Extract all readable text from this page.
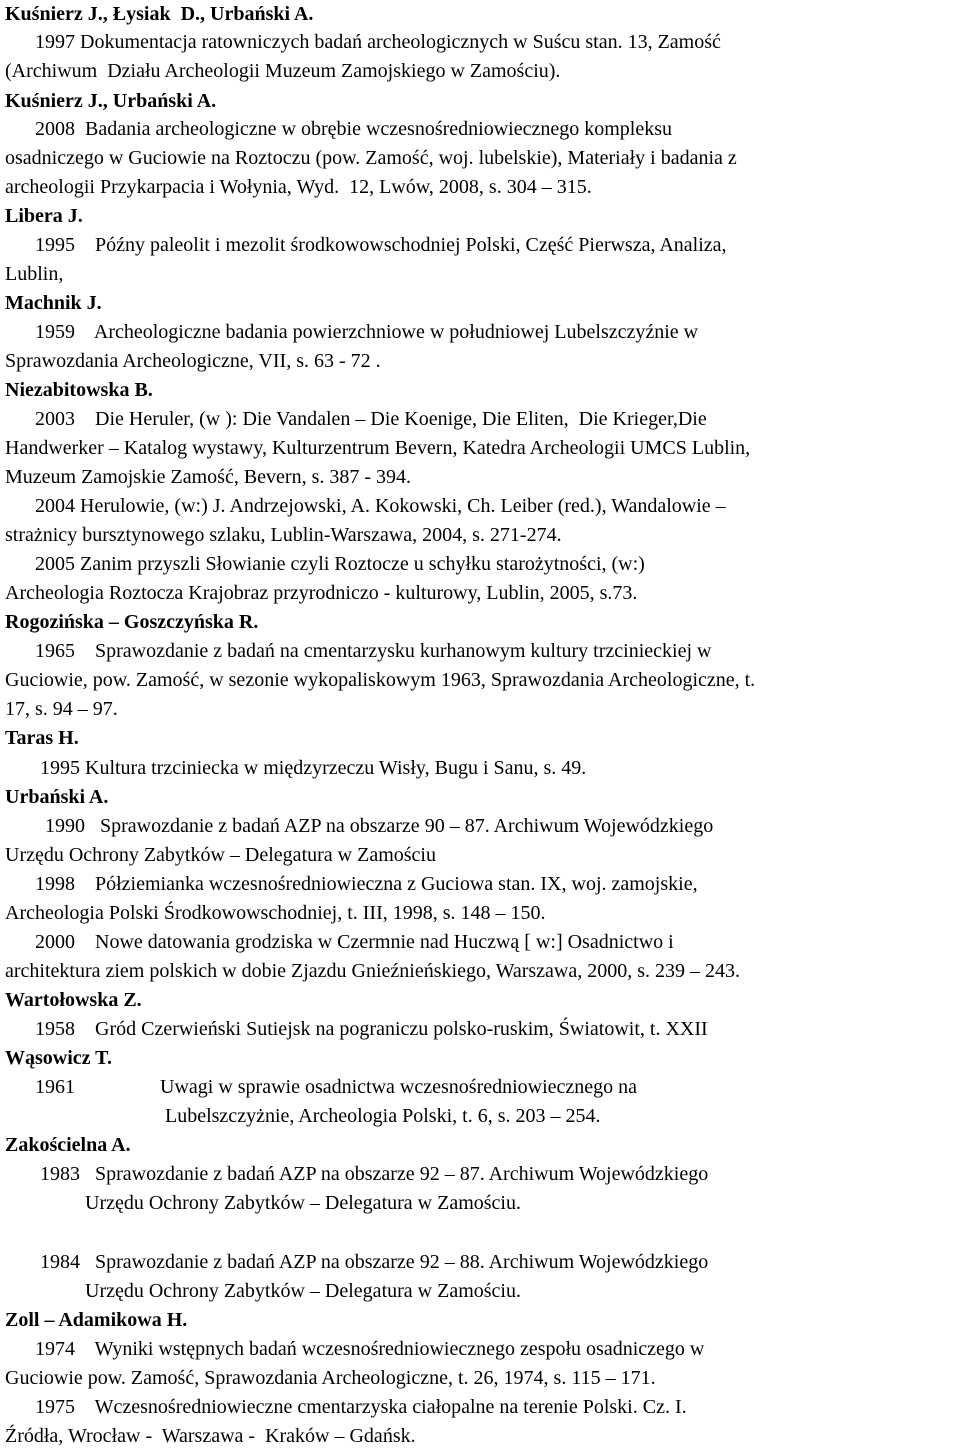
Kuśnierz J., Łysiak  D., Urbański A.
1997 Dokumentacja ratowniczych badań archeologicznych w Suścu stan. 13, Zamość
(Archiwum  Działu Archeologii Muzeum Zamojskiego w Zamościu).
Kuśnierz J., Urbański A.
2008  Badania archeologiczne w obrębie wczesnośredniowiecznego kompleksu
osadniczego w Guciowie na Roztoczu (pow. Zamość, woj. lubelskie), Materiały i badania z
archeologii Przykarpacia i Wołynia, Wyd.  12, Lwów, 2008, s. 304 – 315.
Libera J.
1995    Późny paleolit i mezolit środkowowschodniej Polski, Część Pierwsza, Analiza,
Lublin,
Machnik J.
1959    Archeologiczne badania powierzchniowe w południowej Lubelszczyźnie w
Sprawozdania Archeologiczne, VII, s. 63 - 72 .
Niezabitowska B.
2003    Die Heruler, (w ): Die Vandalen – Die Koenige, Die Eliten,  Die Krieger,Die
Handwerker – Katalog wystawy, Kulturzentrum Bevern, Katedra Archeologii UMCS Lublin,
Muzeum Zamojskie Zamość, Bevern, s. 387 - 394.
2004 Herulowie, (w:) J. Andrzejowski, A. Kokowski, Ch. Leiber (red.), Wandalowie –
strażnicy bursztynowego szlaku, Lublin-Warszawa, 2004, s. 271-274.
2005 Zanim przyszli Słowianie czyli Roztocze u schyłku starożytności, (w:)
Archeologia Roztocza Krajobraz przyrodniczo - kulturowy, Lublin, 2005, s.73.
Rogozińska – Goszczyńska R.
1965    Sprawozdanie z badań na cmentarzysku kurhanowym kultury trzcinieckiej w
Guciowie, pow. Zamość, w sezonie wykopaliskowym 1963, Sprawozdania Archeologiczne, t.
17, s. 94 – 97.
Taras H.
1995 Kultura trzciniecka w międzyrzeczu Wisły, Bugu i Sanu, s. 49.
Urbański A.
1990   Sprawozdanie z badań AZP na obszarze 90 – 87. Archiwum Wojewódzkiego
Urzędu Ochrony Zabytków – Delegatura w Zamościu
1998    Półziemianka wczesnośredniowieczna z Guciowa stan. IX, woj. zamojskie,
Archeologia Polski Środkowowschodniej, t. III, 1998, s. 148 – 150.
2000    Nowe datowania grodziska w Czermnie nad Huczwą [ w:] Osadnictwo i
architektura ziem polskich w dobie Zjazdu Gnieźnieńskiego, Warszawa, 2000, s. 239 – 243.
Wartołowska Z.
1958    Gród Czerwieński Sutiejsk na pograniczu polsko-ruskim, Światowit, t. XXII
Wąsowicz T.
1961                 Uwagi w sprawie osadnictwa wczesnośredniowiecznego na
Lubelszczyżnie, Archeologia Polski, t. 6, s. 203 – 254.
Zakościelna A.
1983   Sprawozdanie z badań AZP na obszarze 92 – 87. Archiwum Wojewódzkiego
Urzędu Ochrony Zabytków – Delegatura w Zamościu.
1984   Sprawozdanie z badań AZP na obszarze 92 – 88. Archiwum Wojewódzkiego
Urzędu Ochrony Zabytków – Delegatura w Zamościu.
Zoll – Adamikowa H.
1974    Wyniki wstępnych badań wczesnośredniowiecznego zespołu osadniczego w
Guciowie pow. Zamość, Sprawozdania Archeologiczne, t. 26, 1974, s. 115 – 171.
1975    Wczesnośredniowieczne cmentarzyska ciałopalne na terenie Polski. Cz. I.
Źródła, Wrocław -  Warszawa -  Kraków – Gdańsk.
